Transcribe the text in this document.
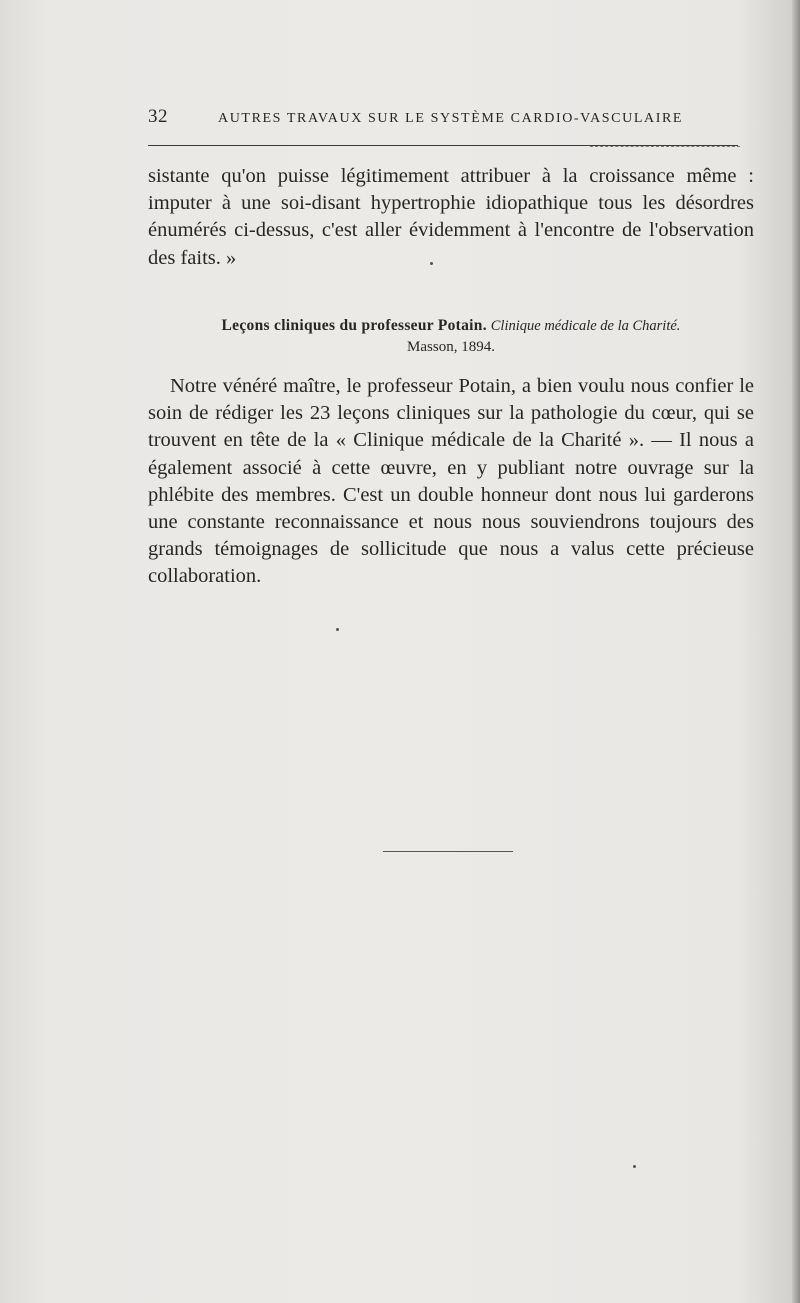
32	AUTRES TRAVAUX SUR LE SYSTÈME CARDIO-VASCULAIRE
sistante qu'on puisse légitimement attribuer à la croissance même : imputer à une soi-disant hypertrophie idiopathique tous les désordres énumérés ci-dessus, c'est aller évidemment à l'encontre de l'observation des faits. »
Leçons cliniques du professeur Potain. Clinique médicale de la Charité.
Masson, 1894.
Notre vénéré maître, le professeur Potain, a bien voulu nous confier le soin de rédiger les 23 leçons cliniques sur la pathologie du cœur, qui se trouvent en tête de la « Clinique médicale de la Charité ». — Il nous a également associé à cette œuvre, en y publiant notre ouvrage sur la phlébite des membres. C'est un double honneur dont nous lui garderons une constante reconnaissance et nous nous souviendrons toujours des grands témoignages de sollicitude que nous a valus cette précieuse collaboration.
